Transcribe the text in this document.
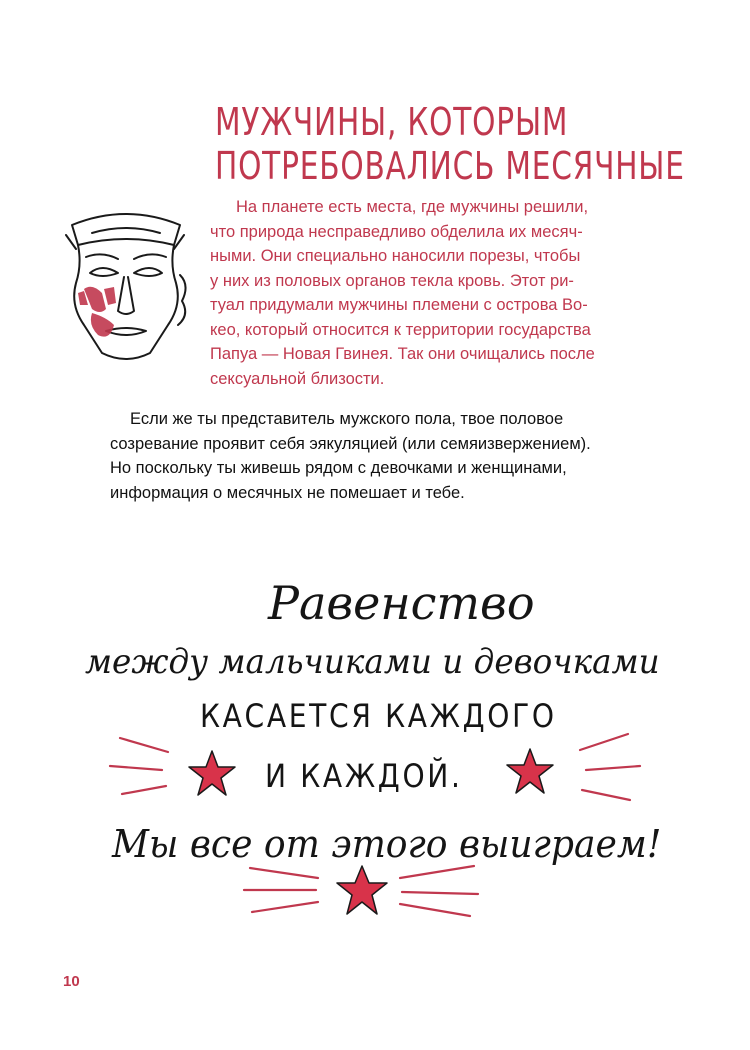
МУЖЧИНЫ, КОТОРЫМ
ПОТРЕБОВАЛИСЬ МЕСЯЧНЫЕ

На планете есть места, где мужчины решили,

что природа несправедливо обделила их месяч-

ными. Они специально наносили порезы, чтобы

у них из половых органов текла кровь. Этот ри-

туал придумали мужчины племени с острова Во-

кео, который относится к территории государства

Папуа — Новая Гвинея. Так они очищались после

сексуальной близости.

Если же ты представитель мужского пола, твое половое

созревание проявит себя эякуляцией (или семяизвержением).

Но поскольку ты живешь рядом с девочками и женщинами,

информация о месячных не помешает и тебе.

Равенство
между мальчиками и девочками
КАСАЕТСЯ КАЖДОГО
И КАЖДОЙ.
Мы все от этого выиграем!
10
